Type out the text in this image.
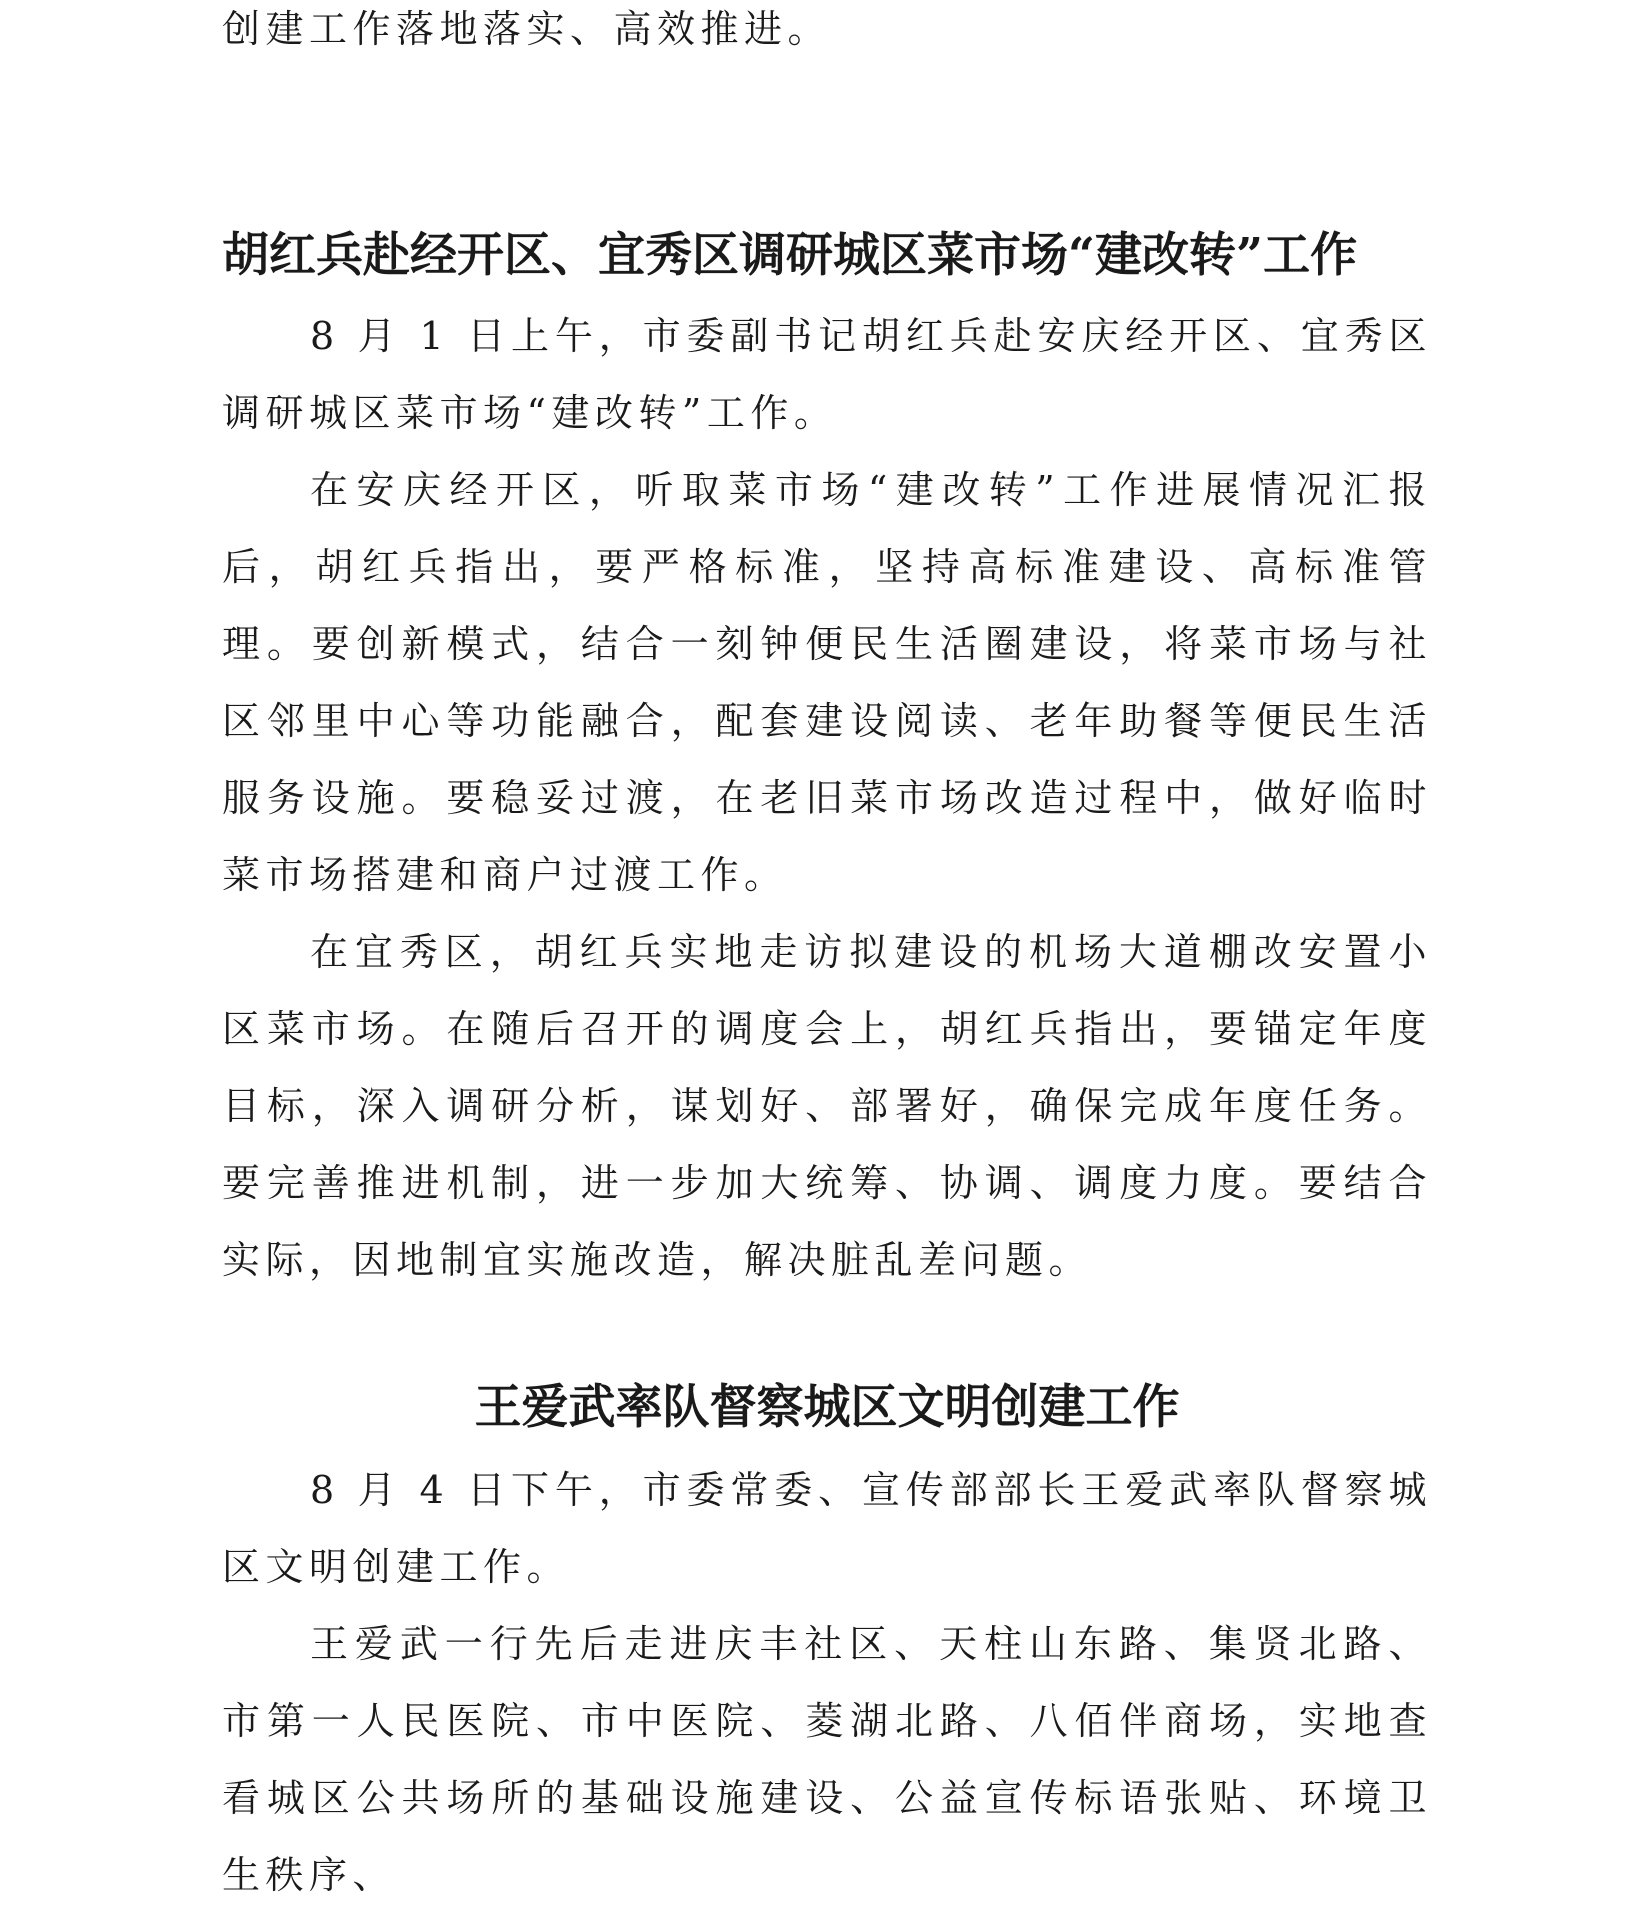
创建工作落地落实、高效推进。

胡红兵赴经开区、宜秀区调研城区菜市场“建改转”工作

8 月 1 日上午，市委副书记胡红兵赴安庆经开区、宜秀区调研城区菜市场“建改转”工作。

在安庆经开区，听取菜市场“建改转”工作进展情况汇报后，胡红兵指出，要严格标准，坚持高标准建设、高标准管理。要创新模式，结合一刻钟便民生活圈建设，将菜市场与社区邻里中心等功能融合，配套建设阅读、老年助餐等便民生活服务设施。要稳妥过渡，在老旧菜市场改造过程中，做好临时菜市场搭建和商户过渡工作。

在宜秀区，胡红兵实地走访拟建设的机场大道棚改安置小区菜市场。在随后召开的调度会上，胡红兵指出，要锚定年度目标，深入调研分析，谋划好、部署好，确保完成年度任务。要完善推进机制，进一步加大统筹、协调、调度力度。要结合实际，因地制宜实施改造，解决脏乱差问题。

王爱武率队督察城区文明创建工作

8 月 4 日下午，市委常委、宣传部部长王爱武率队督察城区文明创建工作。

王爱武一行先后走进庆丰社区、天柱山东路、集贤北路、市第一人民医院、市中医院、菱湖北路、八佰伴商场，实地查看城区公共场所的基础设施建设、公益宣传标语张贴、环境卫生秩序、
